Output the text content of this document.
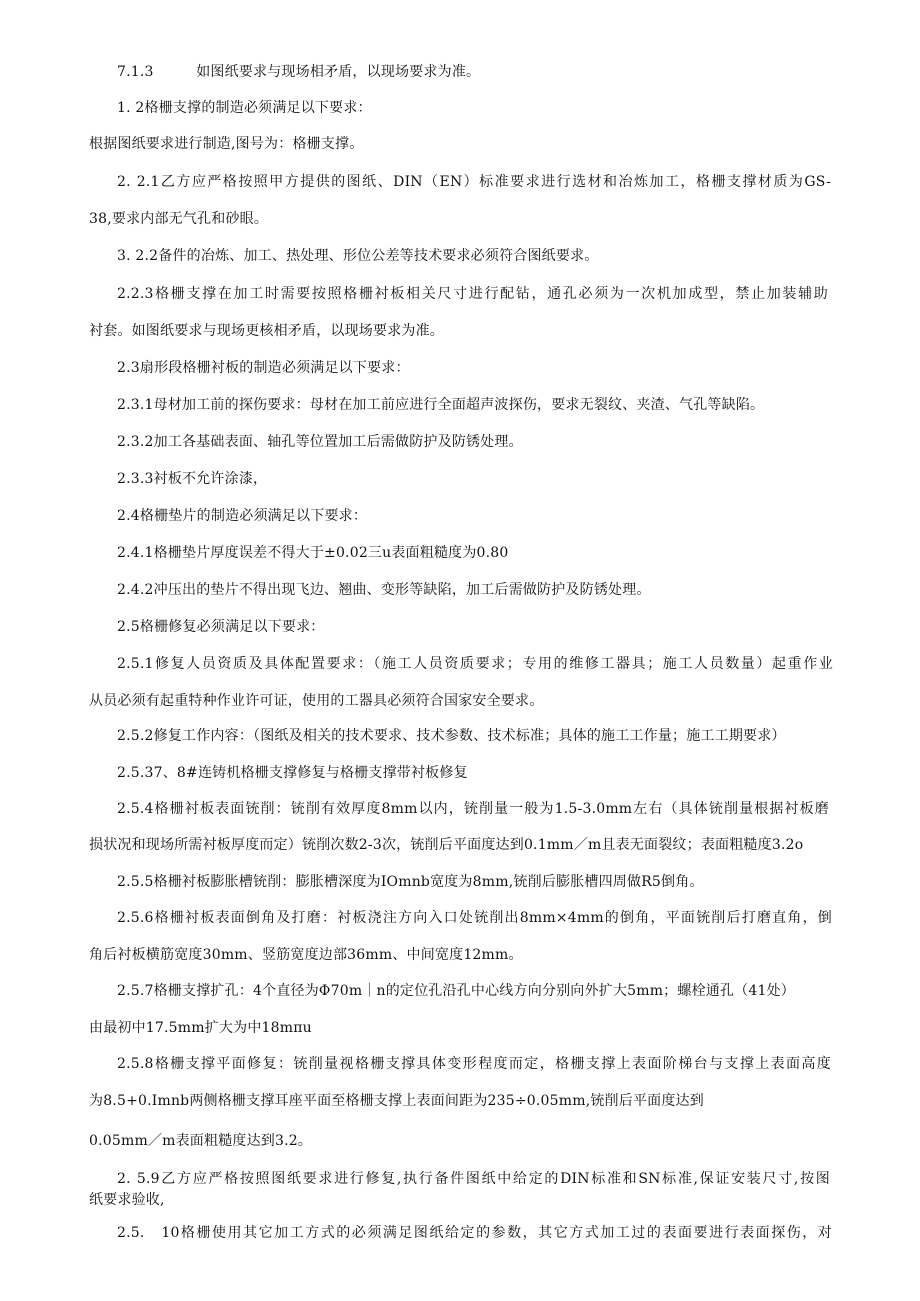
7.1.3　　　如图纸要求与现场相矛盾，以现场要求为准。
1. 2格栅支撑的制造必须满足以下要求：
根据图纸要求进行制造,图号为：格栅支撑。
2. 2.1乙方应严格按照甲方提供的图纸、DIN（EN）标准要求进行选材和冶炼加工，格栅支撑材质为GS-
38,要求内部无气孔和砂眼。
3. 2.2备件的冶炼、加工、热处理、形位公差等技术要求必须符合图纸要求。
2.2.3格栅支撑在加工时需要按照格栅衬板相关尺寸进行配钻，通孔必须为一次机加成型，禁止加装辅助
衬套。如图纸要求与现场更核相矛盾，以现场要求为准。
2.3扇形段格栅衬板的制造必须满足以下要求：
2.3.1母材加工前的探伤要求：母材在加工前应进行全面超声波探伤，要求无裂纹、夹渣、气孔等缺陷。
2.3.2加工各基础表面、轴孔等位置加工后需做防护及防锈处理。
2.3.3衬板不允许涂漆，
2.4格栅垫片的制造必须满足以下要求：
2.4.1格栅垫片厚度误差不得大于±0.02三u表面粗糙度为0.80
2.4.2冲压出的垫片不得出现飞边、翘曲、变形等缺陷，加工后需做防护及防锈处理。
2.5格栅修复必须满足以下要求：
2.5.1修复人员资质及具体配置要求：（施工人员资质要求；专用的维修工器具；施工人员数量）起重作业
从员必须有起重特种作业许可证，使用的工器具必须符合国家安全要求。
2.5.2修复工作内容：（图纸及相关的技术要求、技术参数、技术标准；具体的施工工作量；施工工期要求）
2.5.37、8#连铸机格栅支撑修复与格栅支撑带衬板修复
2.5.4格栅衬板表面铳削：铳削有效厚度8mm以内，铳削量一般为1.5-3.0mm左右（具体铳削量根据衬板磨
损状况和现场所需衬板厚度而定）铳削次数2-3次，铳削后平面度达到0.1mm／m且表无面裂纹；表面粗糙度3.2o
2.5.5格栅衬板膨胀槽铳削：膨胀槽深度为IOmnb宽度为8mm,铳削后膨胀槽四周做R5倒角。
2.5.6格栅衬板表面倒角及打磨：衬板浇注方向入口处铳削出8mm×4mm的倒角，平面铳削后打磨直角，倒
角后衬板横筋宽度30mm、竖筋宽度边部36mm、中间宽度12mm。
2.5.7格栅支撑扩孔：4个直径为Φ70m｜n的定位孔沿孔中心线方向分别向外扩大5mm；螺栓通孔（41处）
由最初中17.5mm扩大为中18mπu
2.5.8格栅支撑平面修复：铳削量视格栅支撑具体变形程度而定，格栅支撑上表面阶梯台与支撑上表面高度
为8.5+0.Imnb两侧格栅支撑耳座平面至格栅支撑上表面间距为235÷0.05mm,铳削后平面度达到
0.05mm／m表面粗糙度达到3.2。
2. 5.9乙方应严格按照图纸要求进行修复,执行备件图纸中给定的DIN标准和SN标准,保证安装尺寸,按图
纸要求验收,
2.5.　10格栅使用其它加工方式的必须满足图纸给定的参数，其它方式加工过的表面要进行表面探伤，对
